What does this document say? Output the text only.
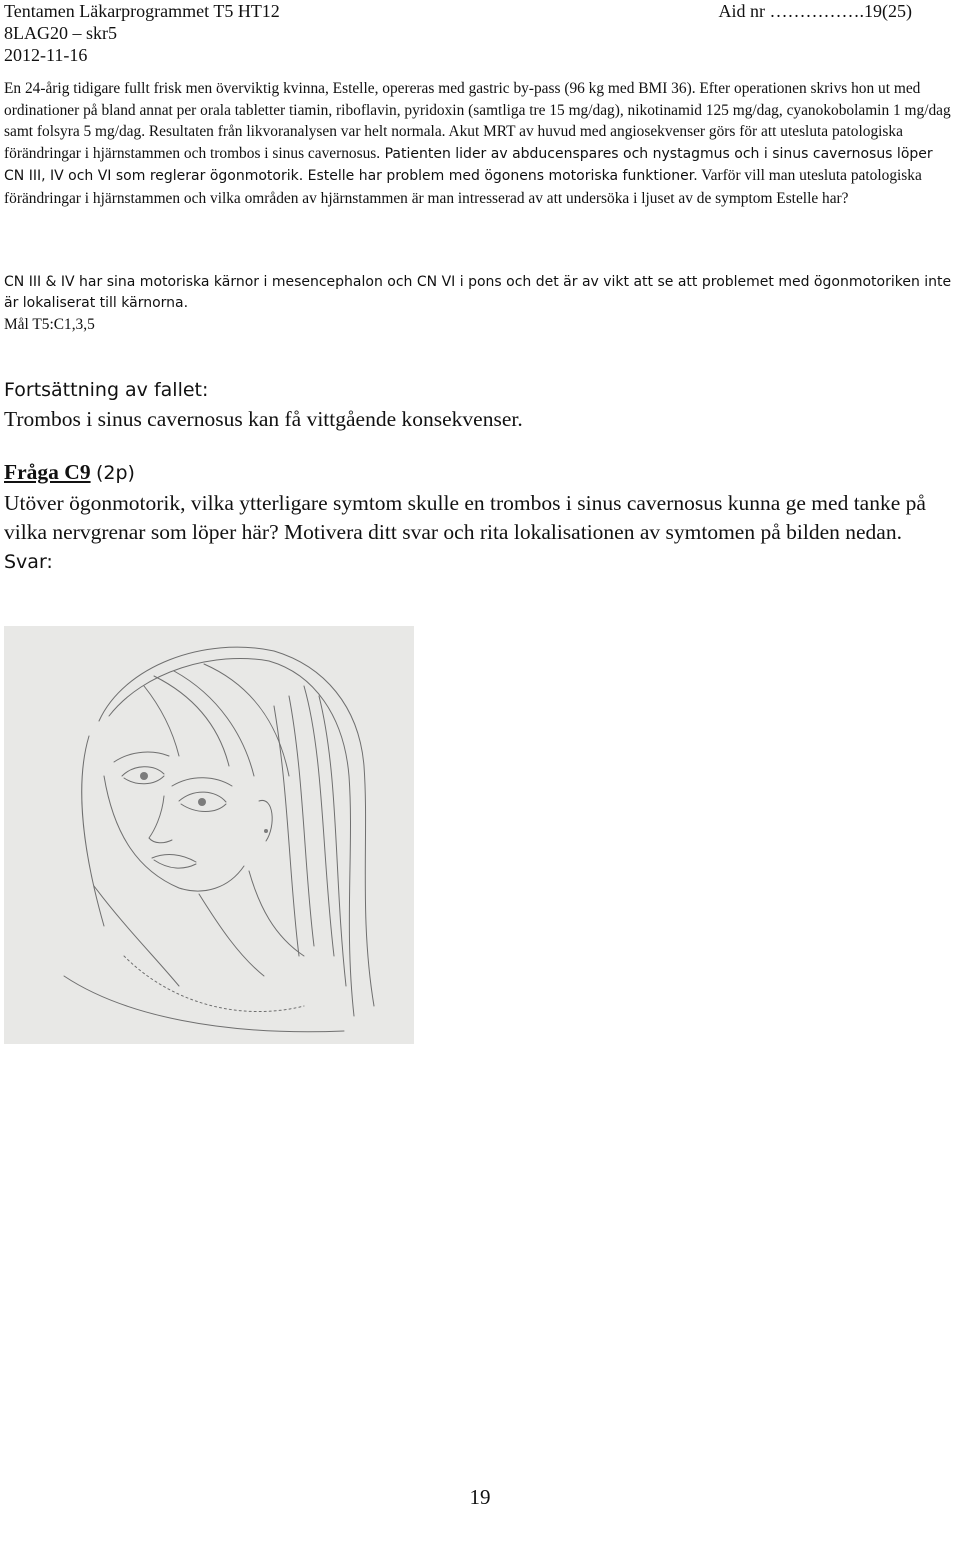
Tentamen Läkarprogrammet T5 HT12
8LAG20 – skr5
2012-11-16
Aid nr …………….19(25)

En 24-årig tidigare fullt frisk men överviktig kvinna, Estelle, opereras med gastric by-pass (96 kg med BMI 36). Efter operationen skrivs hon ut med ordinationer på bland annat per orala tabletter tiamin, riboflavin, pyridoxin (samtliga tre 15 mg/dag), nikotinamid 125 mg/dag, cyanokobolamin 1 mg/dag samt folsyra 5 mg/dag. Resultaten från likvoranalysen var helt normala. Akut MRT av huvud med angiosekvenser görs för att utesluta patologiska förändringar i hjärnstammen och trombos i sinus cavernosus. Patienten lider av abducenspares och nystagmus och i sinus cavernosus löper CN III, IV och VI som reglerar ögonmotorik. Estelle har problem med ögonens motoriska funktioner. Varför vill man utesluta patologiska förändringar i hjärnstammen och vilka områden av hjärnstammen är man intresserad av att undersöka i ljuset av de symptom Estelle har?

CN III & IV har sina motoriska kärnor i mesencephalon och CN VI i pons och det är av vikt att se att problemet med ögonmotoriken inte är lokaliserat till kärnorna.

Mål T5:C1,3,5

Fortsättning av fallet:

Trombos i sinus cavernosus kan få vittgående konsekvenser.

Fråga C9 (2p)

Utöver ögonmotorik, vilka ytterligare symtom skulle en trombos i sinus cavernosus kunna ge med tanke på vilka nervgrenar som löper här? Motivera ditt svar och rita lokalisationen av symtomen på bilden nedan.

Svar:

19
